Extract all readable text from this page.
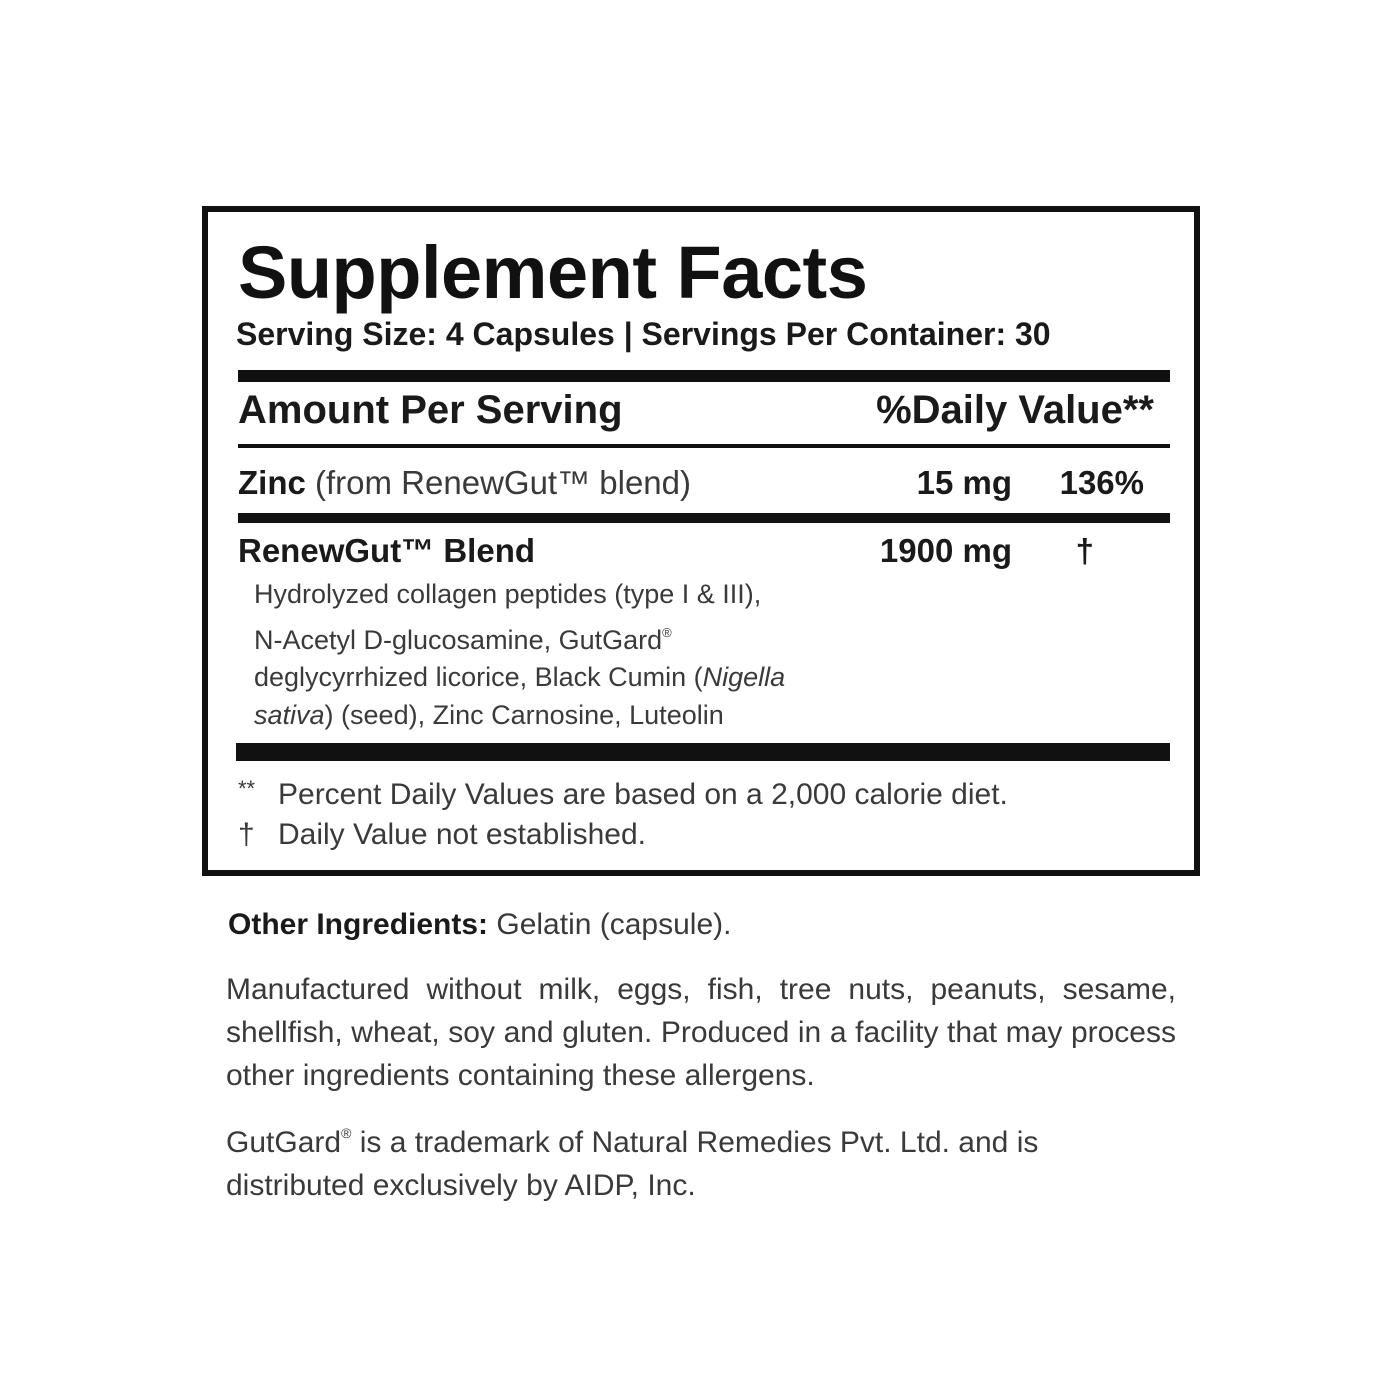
Supplement Facts
Serving Size: 4 Capsules | Servings Per Container: 30
Amount Per Serving	%Daily Value**
Zinc (from RenewGut™ blend)	15 mg 136%
RenewGut™ Blend	1900 mg †

Hydrolyzed collagen peptides (type I & III),

N-Acetyl D-glucosamine, GutGard®

deglycyrrhized licorice, Black Cumin (Nigella

sativa) (seed), Zinc Carnosine, Luteolin

** Percent Daily Values are based on a 2,000 calorie diet.
† Daily Value not established.
Other Ingredients: Gelatin (capsule).
Manufactured without milk, eggs, fish, tree nuts, peanuts, sesame, shellfish, wheat, soy and gluten. Produced in a facility that may process other ingredients containing these allergens.
GutGard® is a trademark of Natural Remedies Pvt. Ltd. and is
distributed exclusively by AIDP, Inc.
